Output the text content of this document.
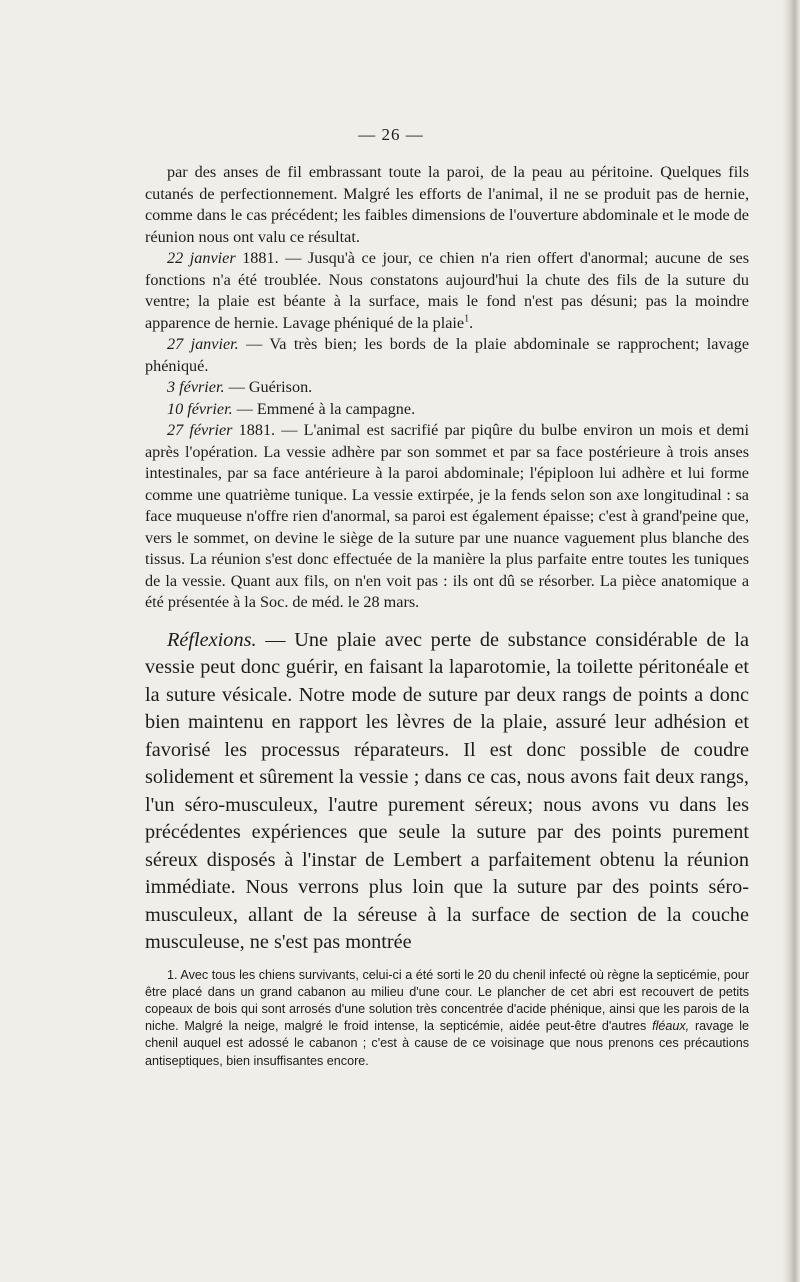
— 26 —

par des anses de fil embrassant toute la paroi, de la peau au péritoine. Quelques fils cutanés de perfectionnement. Malgré les efforts de l'animal, il ne se produit pas de hernie, comme dans le cas précédent; les faibles dimensions de l'ouverture abdominale et le mode de réunion nous ont valu ce résultat.

22 janvier 1881. — Jusqu'à ce jour, ce chien n'a rien offert d'anormal; aucune de ses fonctions n'a été troublée. Nous constatons aujourd'hui la chute des fils de la suture du ventre; la plaie est béante à la surface, mais le fond n'est pas désuni; pas la moindre apparence de hernie. Lavage phéniqué de la plaie$^1$.

27 janvier. — Va très bien; les bords de la plaie abdominale se rapprochent; lavage phéniqué.

3 février. — Guérison.

10 février. — Emmené à la campagne.

27 février 1881. — L'animal est sacrifié par piqûre du bulbe environ un mois et demi après l'opération. La vessie adhère par son sommet et par sa face postérieure à trois anses intestinales, par sa face antérieure à la paroi abdominale; l'épiploon lui adhère et lui forme comme une quatrième tunique. La vessie extirpée, je la fends selon son axe longitudinal : sa face muqueuse n'offre rien d'anormal, sa paroi est également épaisse; c'est à grand'peine que, vers le sommet, on devine le siège de la suture par une nuance vaguement plus blanche des tissus. La réunion s'est donc effectuée de la manière la plus parfaite entre toutes les tuniques de la vessie. Quant aux fils, on n'en voit pas : ils ont dû se résorber. La pièce anatomique a été présentée à la Soc. de méd. le 28 mars.

Réflexions. — Une plaie avec perte de substance considérable de la vessie peut donc guérir, en faisant la laparotomie, la toilette péritonéale et la suture vésicale. Notre mode de suture par deux rangs de points a donc bien maintenu en rapport les lèvres de la plaie, assuré leur adhésion et favorisé les processus réparateurs. Il est donc possible de coudre solidement et sûrement la vessie ; dans ce cas, nous avons fait deux rangs, l'un séro-musculeux, l'autre purement séreux; nous avons vu dans les précédentes expériences que seule la suture par des points purement séreux disposés à l'instar de Lembert a parfaitement obtenu la réunion immédiate. Nous verrons plus loin que la suture par des points séro-musculeux, allant de la séreuse à la surface de section de la couche musculeuse, ne s'est pas montrée

1. Avec tous les chiens survivants, celui-ci a été sorti le 20 du chenil infecté où règne la septicémie, pour être placé dans un grand cabanon au milieu d'une cour. Le plancher de cet abri est recouvert de petits copeaux de bois qui sont arrosés d'une solution très concentrée d'acide phénique, ainsi que les parois de la niche. Malgré la neige, malgré le froid intense, la septicémie, aidée peut-être d'autres fléaux, ravage le chenil auquel est adossé le cabanon ; c'est à cause de ce voisinage que nous prenons ces précautions antiseptiques, bien insuffisantes encore.
